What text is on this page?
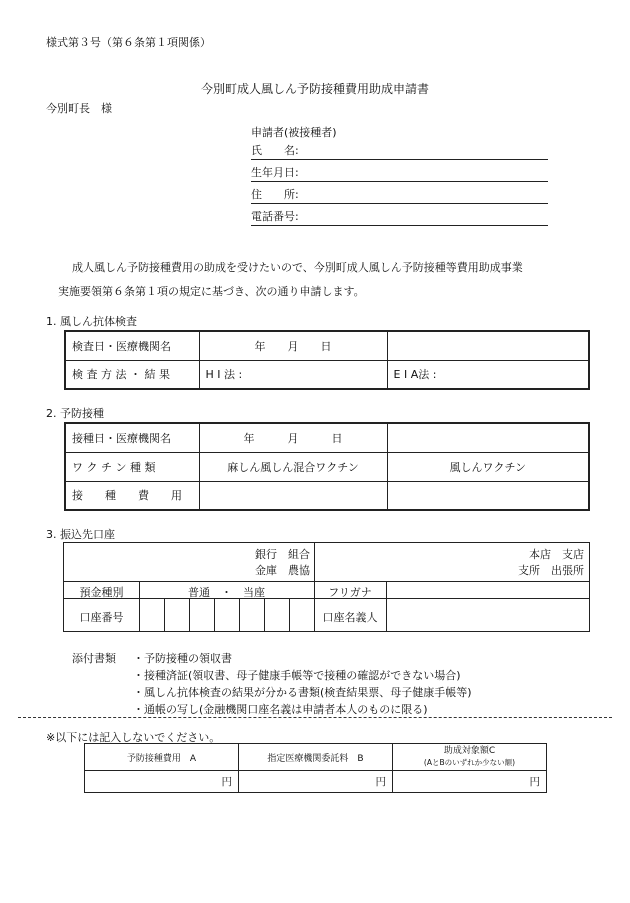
様式第３号（第６条第１項関係）
今別町成人風しん予防接種費用助成申請書
今別町長　様
申請者(被接種者)
氏　　名:
生年月日:
住　　所:
電話番号:
成人風しん予防接種費用の助成を受けたいので、今別町成人風しん予防接種等費用助成事業
実施要領第６条第１項の規定に基づき、次の通り申請します。
1. 風しん抗体検査
検査日・医療機関名	年　　月　　日	
検 査 方 法 ・ 結 果	H I 法 :	E I A法 :
2. 予防接種
接種日・医療機関名	年　　　月　　　日	
ワ ク チ ン 種 類	麻しん風しん混合ワクチン	風しんワクチン
接　　種　　費　　用		
3. 振込先口座
銀行　組合
金庫　農協
本店　支店
支所　出張所
預金種別	普通　・　当座	フリガナ
口座番号	口座名義人
添付書類 ・予防接種の領収書
・接種済証(領収書、母子健康手帳等で接種の確認ができない場合)
・風しん抗体検査の結果が分かる書類(検査結果票、母子健康手帳等)
・通帳の写し(金融機関口座名義は申請者本人のものに限る)
※以下には記入しないでください。
予防接種費用　A	指定医療機関委託料　B	助成対象額C
(AとBのいずれか少ない額)

円	円	円
